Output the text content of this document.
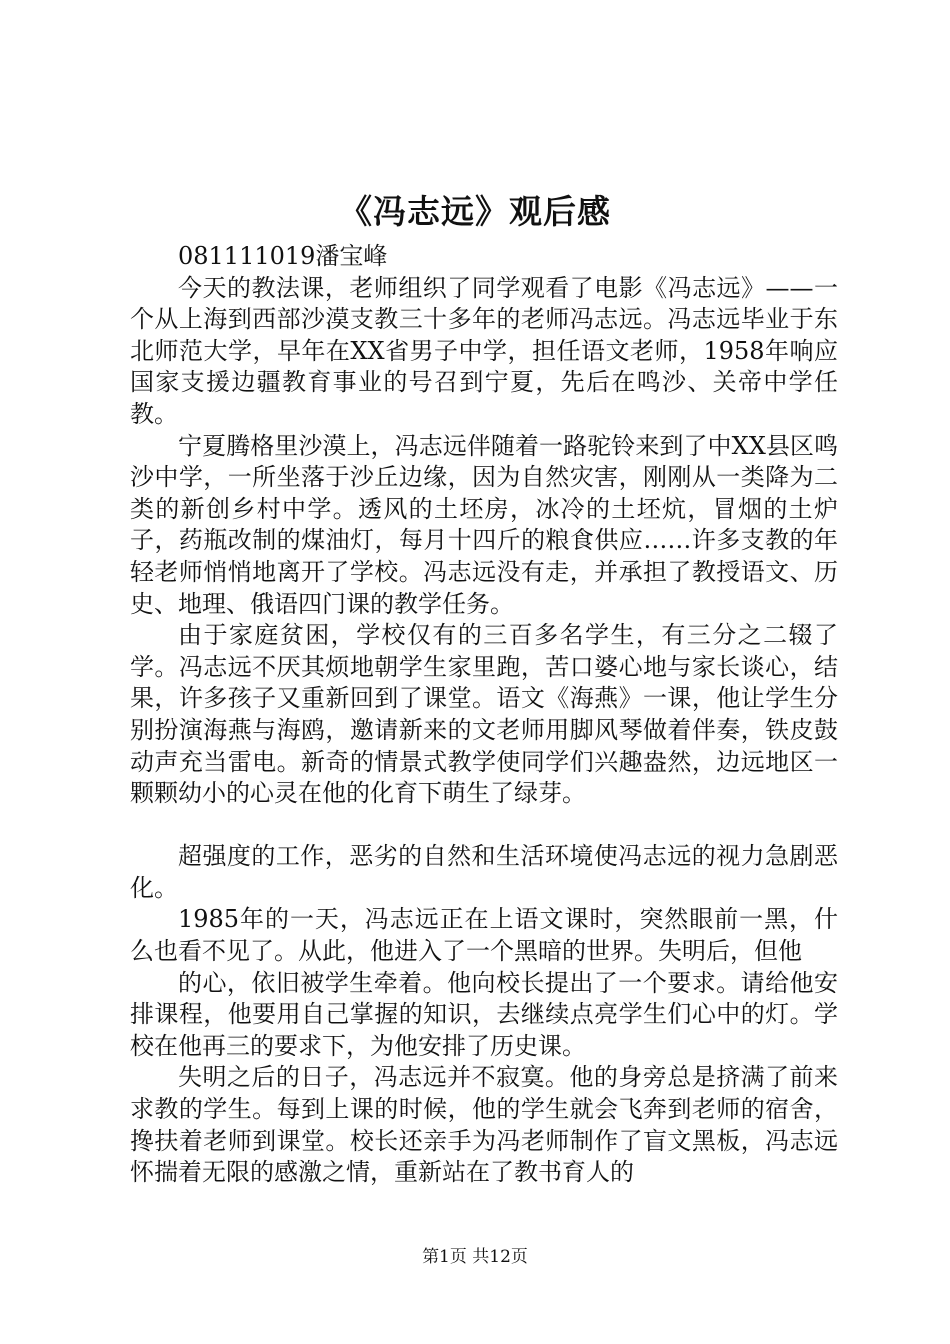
《冯志远》观后感

081111019潘宝峰

今天的教法课，老师组织了同学观看了电影《冯志远》——一个从上海到西部沙漠支教三十多年的老师冯志远。冯志远毕业于东北师范大学，早年在XX省男子中学，担任语文老师，1958年响应国家支援边疆教育事业的号召到宁夏，先后在鸣沙、关帝中学任教。

宁夏腾格里沙漠上，冯志远伴随着一路驼铃来到了中XX县区鸣沙中学，一所坐落于沙丘边缘，因为自然灾害，刚刚从一类降为二类的新创乡村中学。透风的土坯房，冰冷的土坯炕，冒烟的土炉子，药瓶改制的煤油灯，每月十四斤的粮食供应……许多支教的年轻老师悄悄地离开了学校。冯志远没有走，并承担了教授语文、历史、地理、俄语四门课的教学任务。

由于家庭贫困，学校仅有的三百多名学生，有三分之二辍了学。冯志远不厌其烦地朝学生家里跑，苦口婆心地与家长谈心，结果，许多孩子又重新回到了课堂。语文《海燕》一课，他让学生分别扮演海燕与海鸥，邀请新来的文老师用脚风琴做着伴奏，铁皮鼓动声充当雷电。新奇的情景式教学使同学们兴趣盎然，边远地区一颗颗幼小的心灵在他的化育下萌生了绿芽。

超强度的工作，恶劣的自然和生活环境使冯志远的视力急剧恶化。

1985年的一天，冯志远正在上语文课时，突然眼前一黑，什么也看不见了。从此，他进入了一个黑暗的世界。失明后，但他

的心，依旧被学生牵着。他向校长提出了一个要求。请给他安排课程，他要用自己掌握的知识，去继续点亮学生们心中的灯。学校在他再三的要求下，为他安排了历史课。

失明之后的日子，冯志远并不寂寞。他的身旁总是挤满了前来求教的学生。每到上课的时候，他的学生就会飞奔到老师的宿舍，搀扶着老师到课堂。校长还亲手为冯老师制作了盲文黑板，冯志远怀揣着无限的感激之情，重新站在了教书育人的

第1页 共12页
